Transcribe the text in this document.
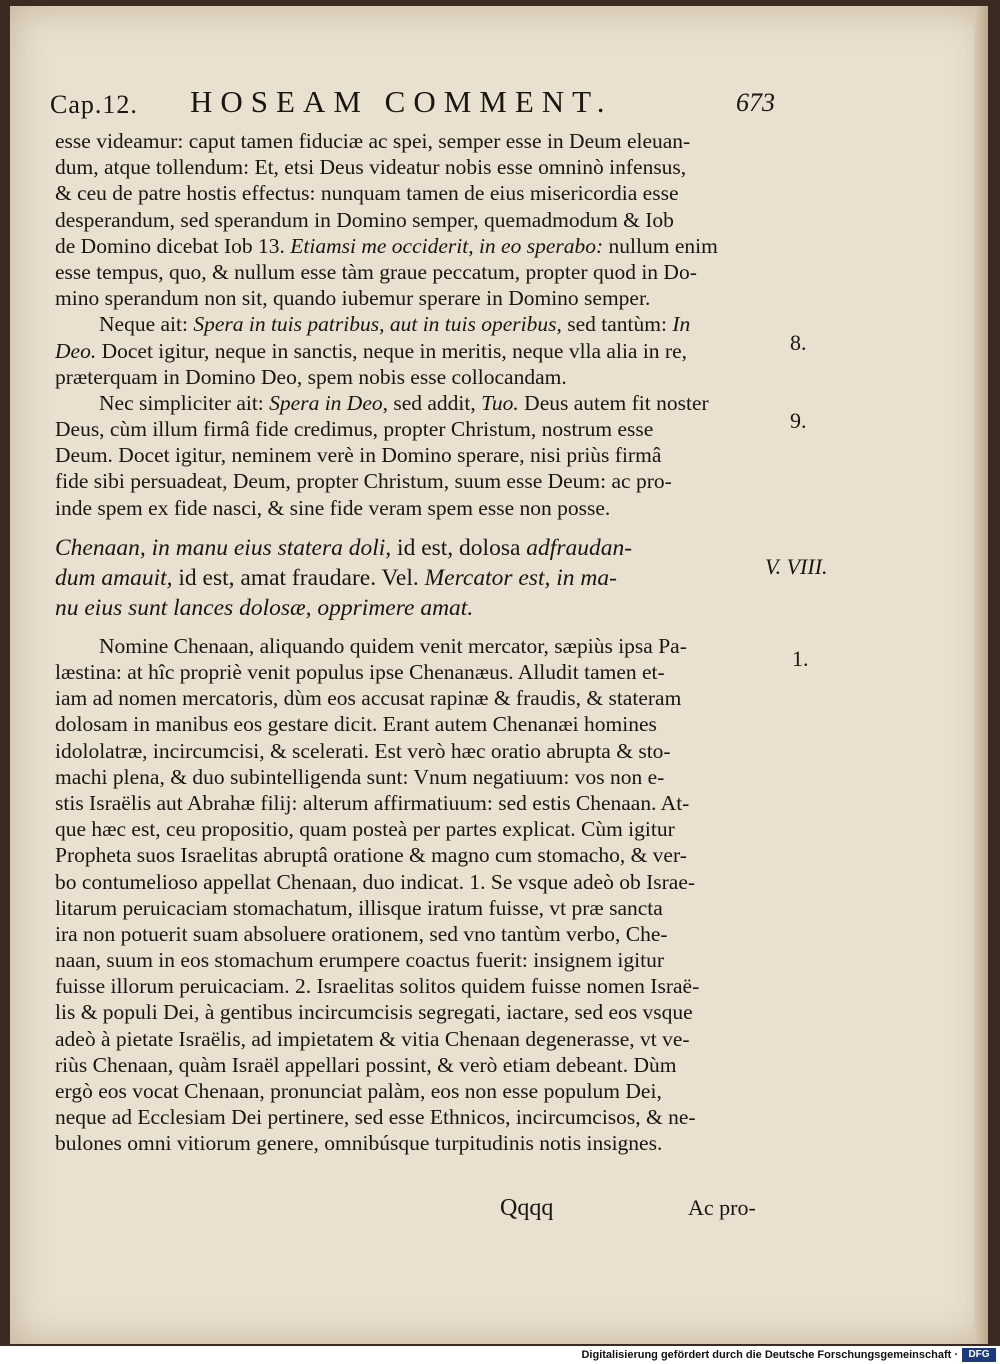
Cap.12. HOSEAM COMMENT.	673
esse videamur: caput tamen fiduciæ ac spei, semper esse in Deum eleuan-
dum, atque tollendum: Et, etsi Deus videatur nobis esse omninò infensus,
& ceu de patre hostis effectus: nunquam tamen de eius misericordia esse
desperandum, sed sperandum in Domino semper, quemadmodum & Iob
de Domino dicebat Iob 13. Etiamsi me occiderit, in eo sperabo: nullum enim
esse tempus, quo, & nullum esse tàm graue peccatum, propter quod in Do-
mino sperandum non sit, quando iubemur sperare in Domino semper.
Neque ait: Spera in tuis patribus, aut in tuis operibus, sed tantùm: In
Deo. Docet igitur, neque in sanctis, neque in meritis, neque vlla alia in re,
præterquam in Domino Deo, spem nobis esse collocandam.
Nec simpliciter ait: Spera in Deo, sed addit, Tuo. Deus autem fit noster
Deus, cùm illum firmâ fide credimus, propter Christum, nostrum esse
Deum. Docet igitur, neminem verè in Domino sperare, nisi priùs firmâ
fide sibi persuadeat, Deum, propter Christum, suum esse Deum: ac pro-
inde spem ex fide nasci, & sine fide veram spem esse non posse.
Chenaan, in manu eius statera doli, id est, dolosa adfraudan-
dum amauit, id est, amat fraudare. Vel. Mercator est, in ma-
nu eius sunt lances dolosæ, opprimere amat.
Nomine Chenaan, aliquando quidem venit mercator, sæpiùs ipsa Pa-
læstina: at hîc propriè venit populus ipse Chenanæus. Alludit tamen et-
iam ad nomen mercatoris, dùm eos accusat rapinæ & fraudis, & stateram
dolosam in manibus eos gestare dicit. Erant autem Chenanæi homines
idololatræ, incircumcisi, & scelerati. Est verò hæc oratio abrupta & sto-
machi plena, & duo subintelligenda sunt: Vnum negatiuum: vos non e-
stis Israëlis aut Abrahæ filij: alterum affirmatiuum: sed estis Chenaan. At-
que hæc est, ceu propositio, quam posteà per partes explicat. Cùm igitur
Propheta suos Israelitas abruptâ oratione & magno cum stomacho, & ver-
bo contumelioso appellat Chenaan, duo indicat. 1. Se vsque adeò ob Israe-
litarum peruicaciam stomachatum, illisque iratum fuisse, vt præ sancta
ira non potuerit suam absoluere orationem, sed vno tantùm verbo, Che-
naan, suum in eos stomachum erumpere coactus fuerit: insignem igitur
fuisse illorum peruicaciam. 2. Israelitas solitos quidem fuisse nomen Israë-
lis & populi Dei, à gentibus incircumcisis segregati, iactare, sed eos vsque
adeò à pietate Israëlis, ad impietatem & vitia Chenaan degenerasse, vt ve-
riùs Chenaan, quàm Israël appellari possint, & verò etiam debeant. Dùm
ergò eos vocat Chenaan, pronunciat palàm, eos non esse populum Dei,
neque ad Ecclesiam Dei pertinere, sed esse Ethnicos, incircumcisos, & ne-
bulones omni vitiorum genere, omnibúsque turpitudinis notis insignes.
8.
9.
V. VIII.
1.
Qqqq	Ac pro-
Digitalisierung gefördert durch die Deutsche Forschungsgemeinschaft ·	DFG
